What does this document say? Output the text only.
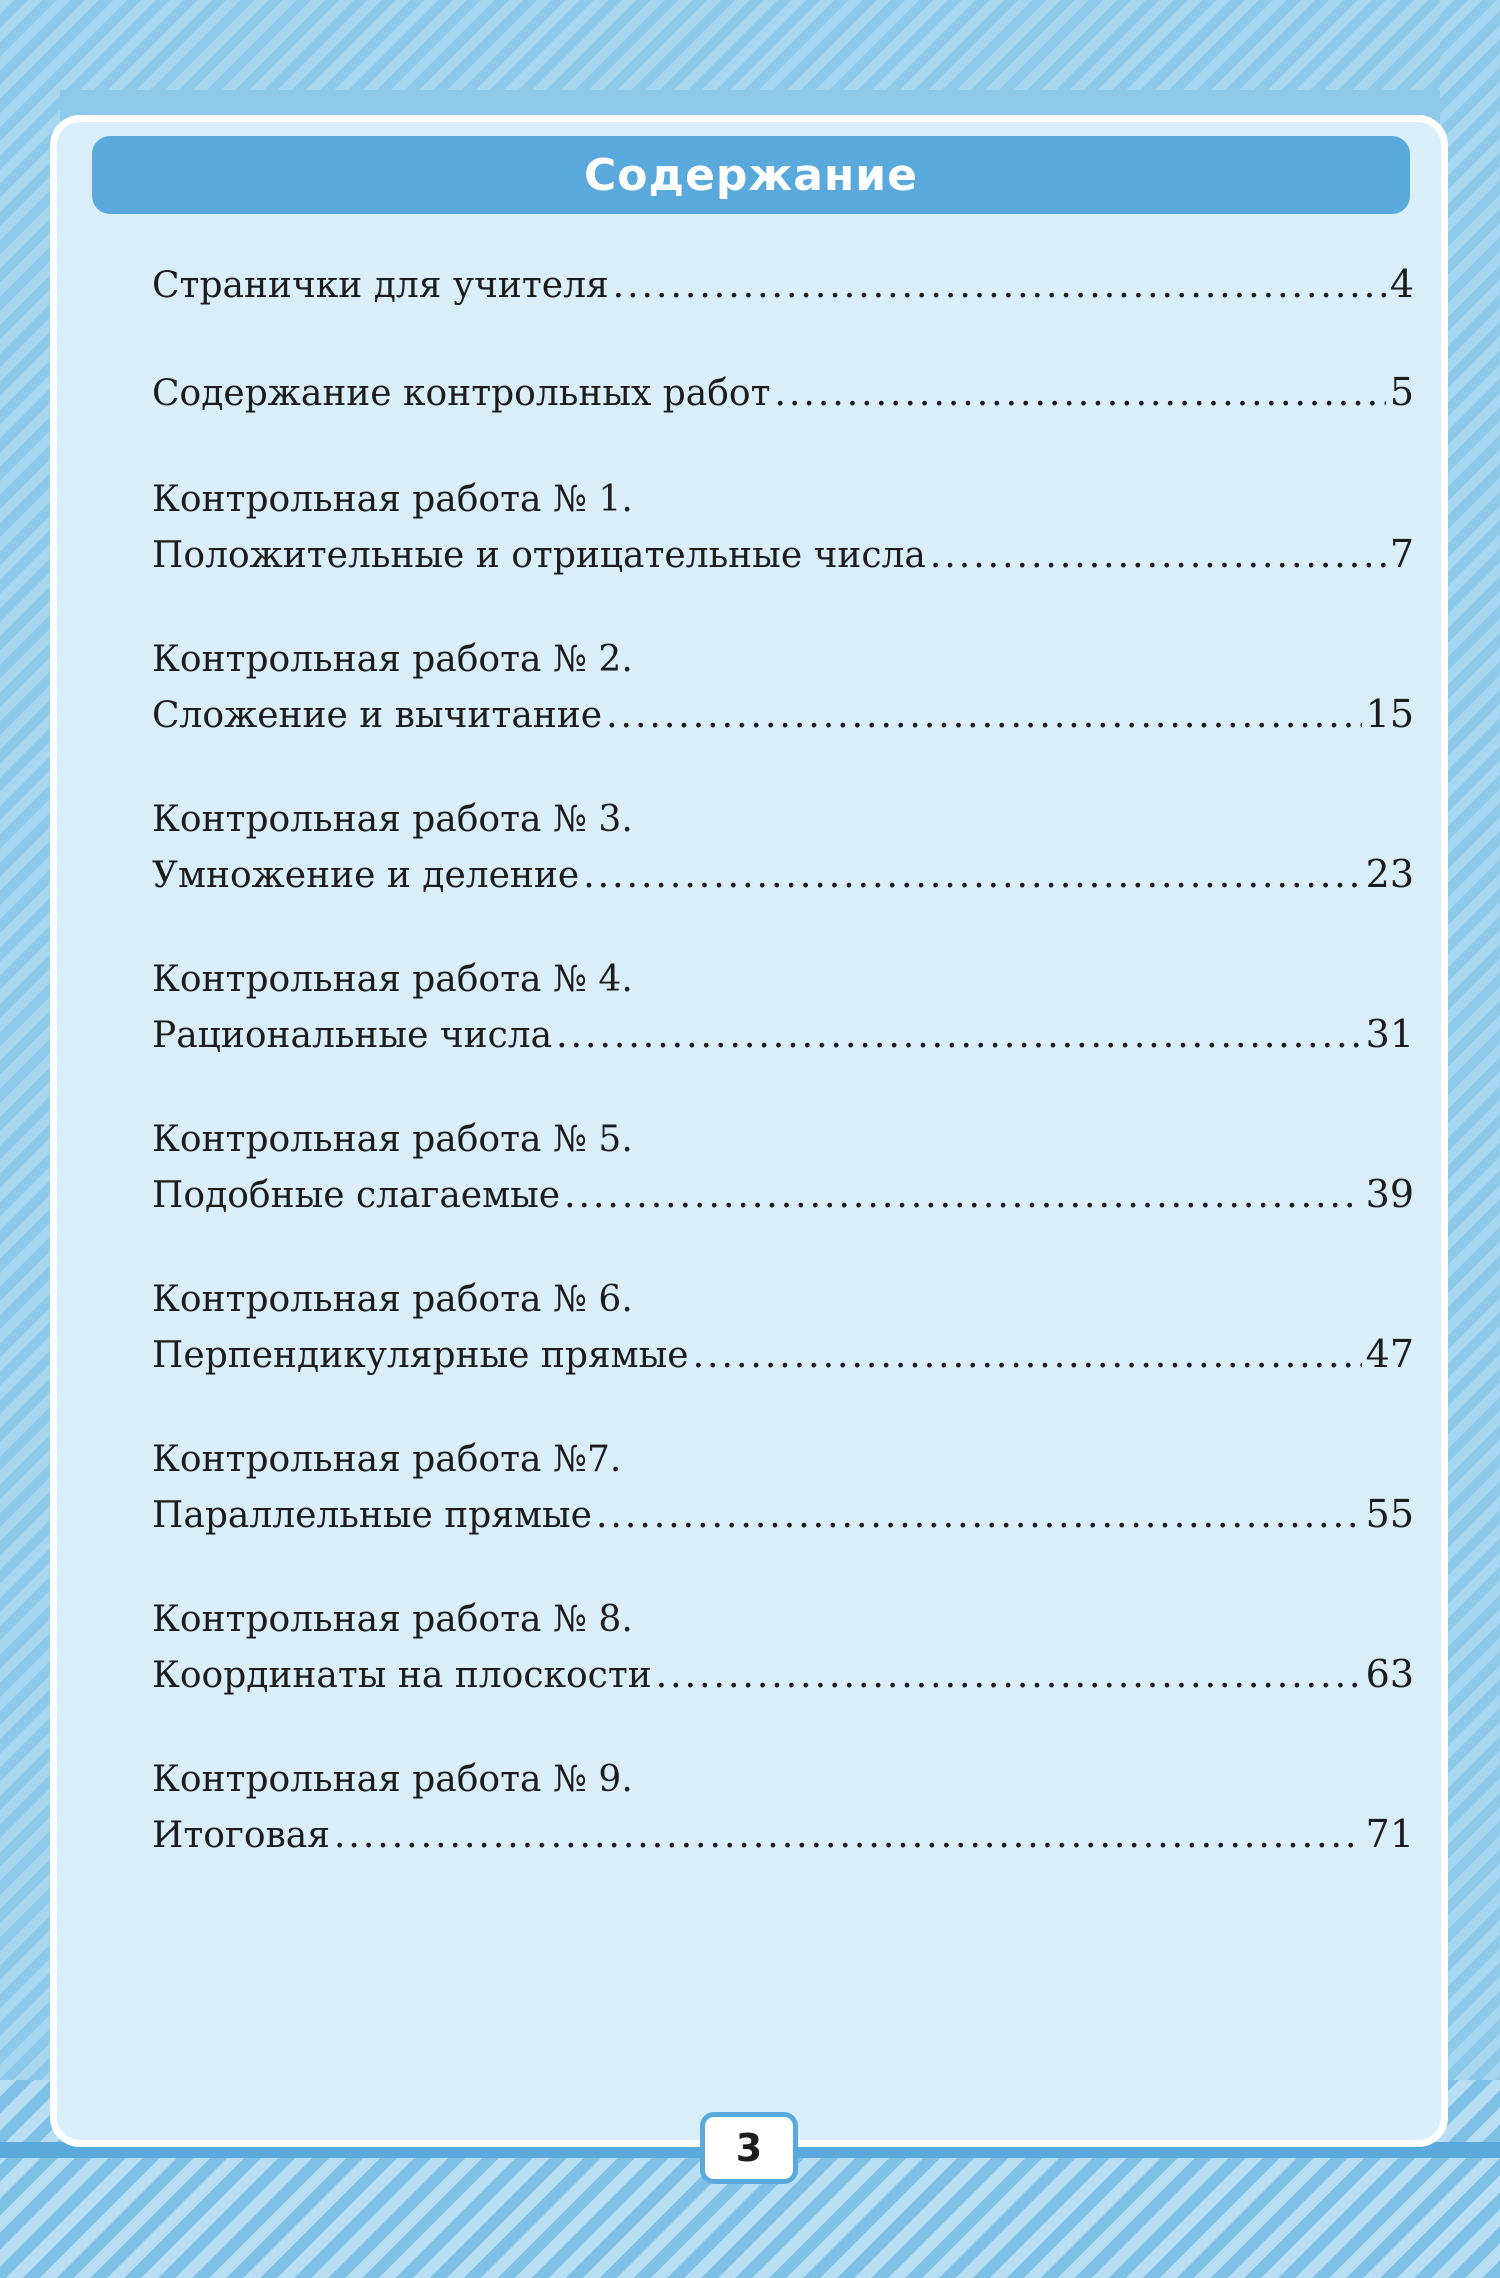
Содержание
Странички для учителя .....	4
Содержание контрольных работ .....	5
Контрольная работа № 1.
Положительные и отрицательные числа .....	7
Контрольная работа № 2.
Сложение и вычитание .....	15
Контрольная работа № 3.
Умножение и деление .....	23
Контрольная работа № 4.
Рациональные числа .....	31
Контрольная работа № 5.
Подобные слагаемые .....	39
Контрольная работа № 6.
Перпендикулярные прямые .....	47
Контрольная работа №7.
Параллельные прямые .....	55
Контрольная работа № 8.
Координаты на плоскости .....	63
Контрольная работа № 9.
Итоговая .....	71
3
